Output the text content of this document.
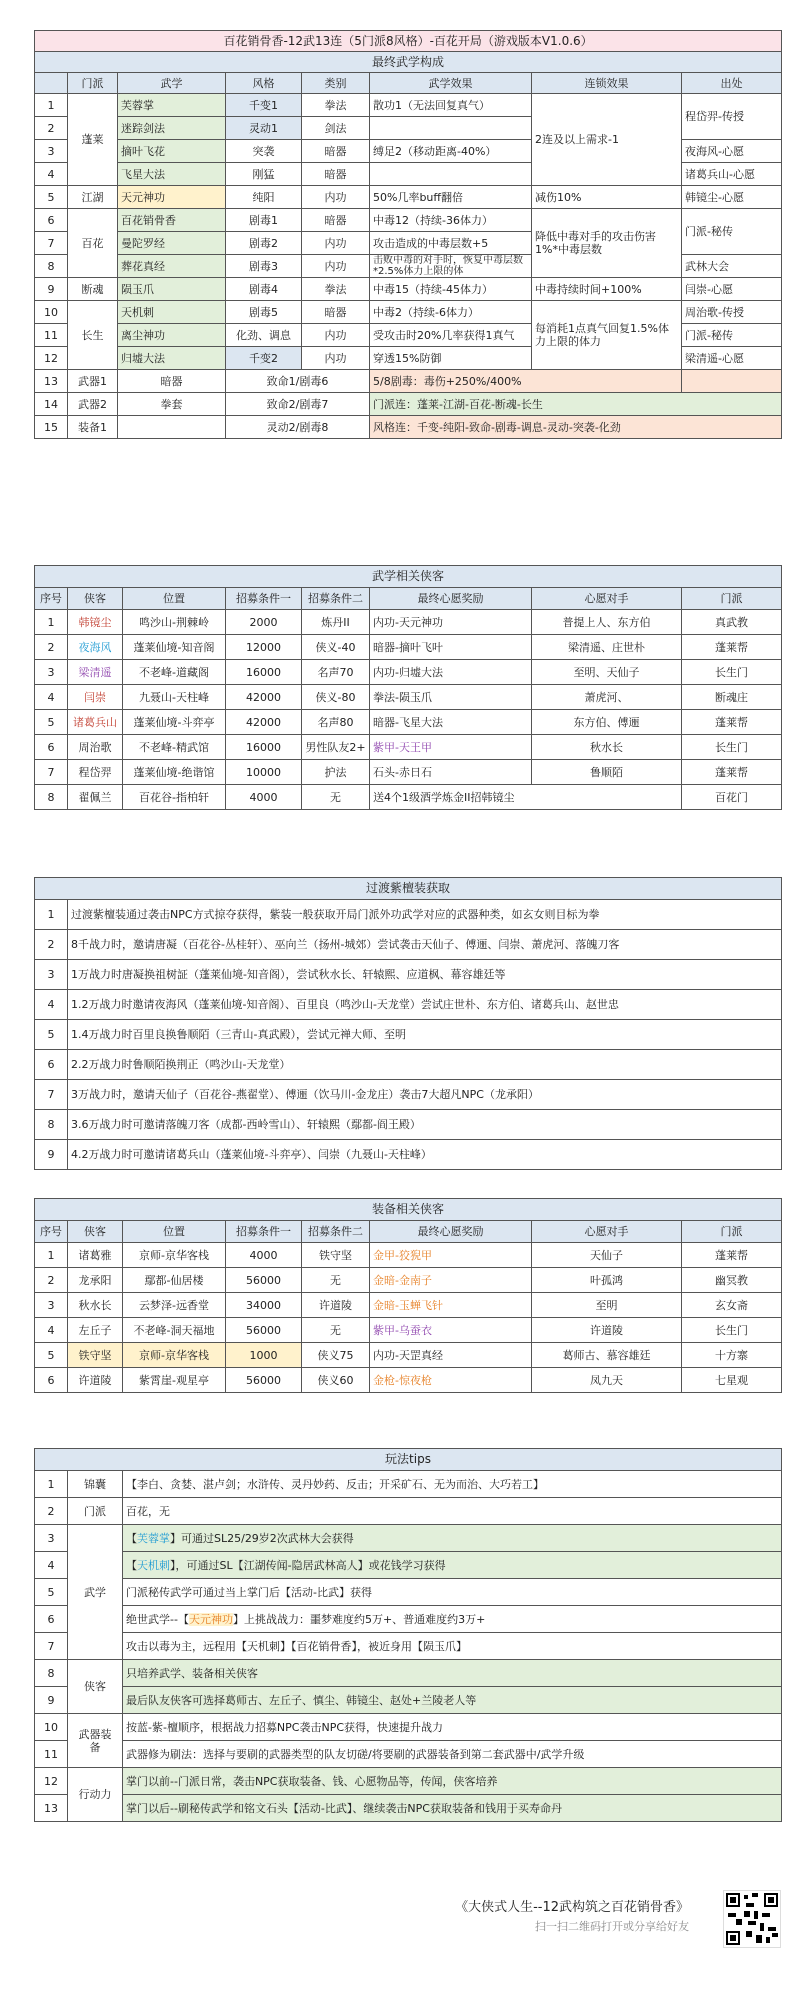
百花销骨香-12武13连（5门派8风格）-百花开局（游戏版本V1.0.6）							
最终武学构成							
	门派	武学	风格	类别	武学效果	连锁效果	出处
1	蓬莱	芙蓉掌	千变1	拳法	散功1（无法回复真气）	2连及以上需求-1	程岱羿-传授
2		迷踪剑法	灵动1	剑法			
3		摘叶飞花	突袭	暗器	缚足2（移动距离-40%）		夜海风-心愿
4		飞星大法	刚猛	暗器			诸葛兵山-心愿
5	江湖	天元神功	纯阳	内功	50%几率buff翻倍	减伤10%	韩镜尘-心愿
6	百花	百花销骨香	剧毒1	暗器	中毒12（持续-36体力）	降低中毒对手的攻击伤害1%*中毒层数	门派-秘传
7		曼陀罗经	剧毒2	内功	攻击造成的中毒层数+5		
8		葬花真经	剧毒3	内功	击败中毒的对手时，恢复中毒层数*2.5%体力上限的体		武林大会
9	断魂	陨玉爪	剧毒4	拳法	中毒15（持续-45体力）	中毒持续时间+100%	闫崇-心愿
10	长生	天机刺	剧毒5	暗器	中毒2（持续-6体力）	每消耗1点真气回复1.5%体力上限的体力	周治歌-传授
11		离尘神功	化劲、调息	内功	受攻击时20%几率获得1真气		门派-秘传
12		归墟大法	千变2	内功	穿透15%防御		梁清遥-心愿
13	武器1	暗器	致命1/剧毒6		5/8剧毒：毒伤+250%/400%		
14	武器2	拳套	致命2/剧毒7		门派连：蓬莱-江湖-百花-断魂-长生		
15	装备1		灵动2/剧毒8		风格连：千变-纯阳-致命-剧毒-调息-灵动-突袭-化劲		
武学相关侠客							
序号	侠客	位置	招募条件一	招募条件二	最终心愿奖励	心愿对手	门派
1	韩镜尘	鸣沙山-荆棘岭	2000	炼丹II	内功-天元神功	普提上人、东方伯	真武教
2	夜海风	蓬莱仙境-知音阁	12000	侠义-40	暗器-摘叶飞叶	梁清遥、庄世朴	蓬莱帮
3	梁清遥	不老峰-道藏阁	16000	名声70	内功-归墟大法	至明、天仙子	长生门
4	闫崇	九聂山-天柱峰	42000	侠义-80	拳法-陨玉爪	萧虎河、	断魂庄
5	诸葛兵山	蓬莱仙境-斗弈亭	42000	名声80	暗器-飞星大法	东方伯、傅逦	蓬莱帮
6	周治歌	不老峰-精武馆	16000	男性队友2+	紫甲-天王甲	秋水长	长生门
7	程岱羿	蓬莱仙境-绝谐馆	10000	护法	石头-赤日石	鲁顺陌	蓬莱帮
8	翟佩兰	百花谷-指柏轩	4000	无	送4个1级酒学炼金II招韩镜尘		百花门
过渡紫檀装获取	
1	过渡紫檀装通过袭击NPC方式掠夺获得，紫装一般获取开局门派外功武学对应的武器种类，如玄女则目标为拳
2	8千战力时，邀请唐凝（百花谷-丛桂轩）、巫向兰（扬州-城郊）尝试袭击天仙子、傅逦、闫崇、萧虎河、落魄刀客
3	1万战力时唐凝换祖树証（蓬莱仙境-知音阁），尝试秋水长、轩辕熙、应道枫、幕容雄廷等
4	1.2万战力时邀请夜海风（蓬莱仙境-知音阁）、百里良（鸣沙山-天龙堂）尝试庄世朴、东方伯、诸葛兵山、赵世忠
5	1.4万战力时百里良换鲁顺陌（三青山-真武殿），尝试元禅大师、至明
6	2.2万战力时鲁顺陌换荆正（鸣沙山-天龙堂）
7	3万战力时，邀请天仙子（百花谷-燕翟堂）、傅逦（饮马川-金龙庄）袭击7大超凡NPC（龙承阳）
8	3.6万战力时可邀请落魄刀客（成都-西岭雪山）、轩辕熙（鄢都-阎王殿）
9	4.2万战力时可邀请诸葛兵山（蓬莱仙境-斗弈亭）、闫崇（九聂山-天柱峰）
装备相关侠客							
序号	侠客	位置	招募条件一	招募条件二	最终心愿奖励	心愿对手	门派
1	诸葛雅	京师-京华客栈	4000	铁守坚	金甲-狡猊甲	天仙子	蓬莱帮
2	龙承阳	鄢都-仙居楼	56000	无	金暗-金南子	叶孤鸿	幽冥教
3	秋水长	云梦泽-远香堂	34000	许道陵	金暗-玉蝉飞针	至明	玄女斋
4	左丘子	不老峰-洞天福地	56000	无	紫甲-乌蚕衣	许道陵	长生门
5	铁守坚	京师-京华客栈	1000	侠义75	内功-天罡真经	葛师古、慕容雄廷	十方寨
6	许道陵	紫霄崖-观星亭	56000	侠义60	金枪-惊夜枪	凤九天	七星观
玩法tips		
1	锦囊	【李白、贪婪、湛卢剑；水浒传、灵丹妙药、反击；开采矿石、无为而治、大巧若工】
2	门派	百花，无
3	武学	【芙蓉掌】可通过SL25/29岁2次武林大会获得
4		【天机刺】，可通过SL【江湖传闻-隐居武林高人】或花钱学习获得
5		门派秘传武学可通过当上掌门后【活动-比武】获得
6		绝世武学--【天元神功】上挑战战力：噩梦难度约5万+、普通难度约3万+
7		攻击以毒为主，远程用【天机刺】【百花销骨香】，被近身用【陨玉爪】
8	侠客	只培养武学、装备相关侠客
9		最后队友侠客可选择葛师古、左丘子、慎尘、韩镜尘、赵处+兰陵老人等
10	武器装备	按蓝-紫-檀顺序，根据战力招募NPC袭击NPC获得，快速提升战力
11		武器修为刷法：选择与要刷的武器类型的队友切磋/将要刷的武器装备到第二套武器中/武学升级
12	行动力	掌门以前--门派日常，袭击NPC获取装备、钱、心愿物品等，传闻，侠客培养
13		掌门以后--刷秘传武学和铭文石头【活动-比武】、继续袭击NPC获取装备和钱用于买寿命丹
《大侠式人生--12武构筑之百花销骨香》
扫一扫二维码打开或分享给好友
